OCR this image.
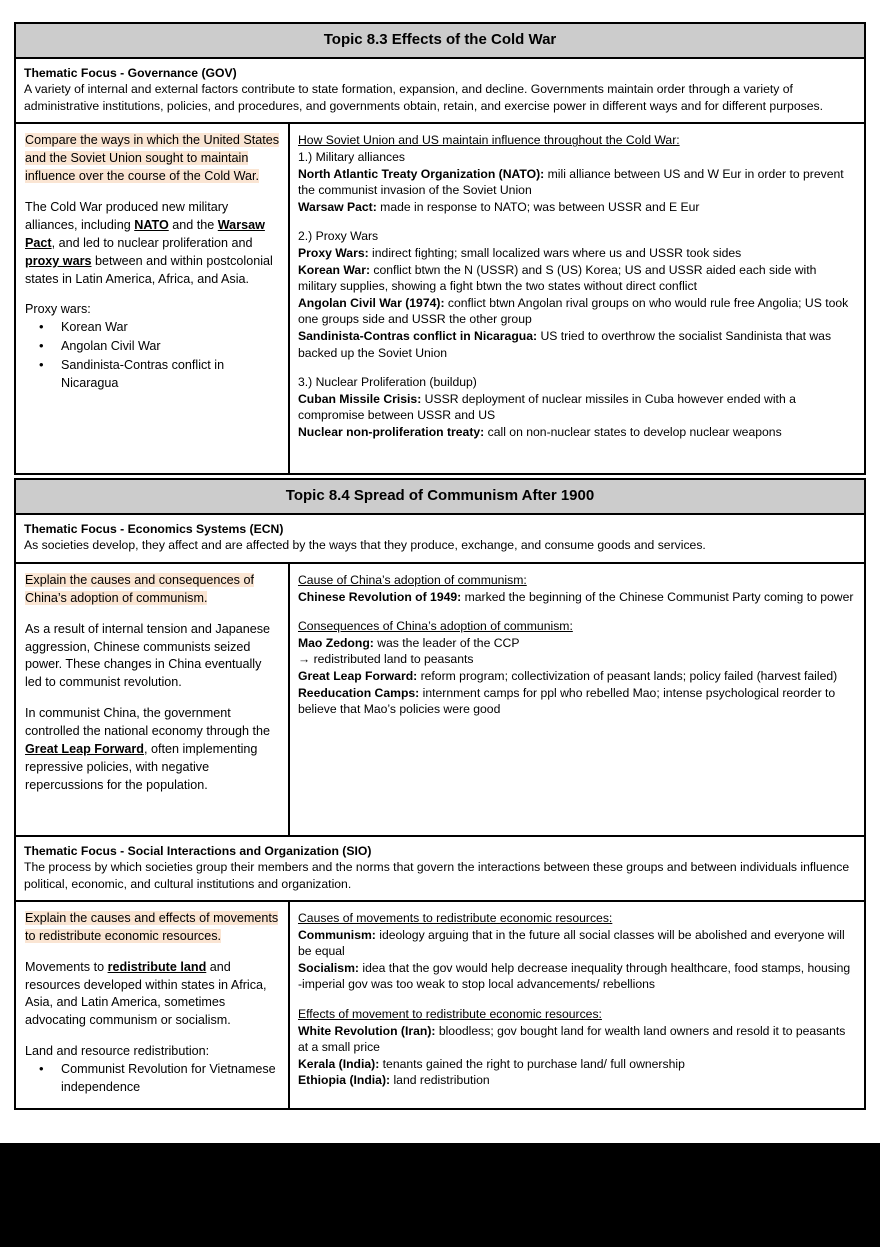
Topic 8.3 Effects of the Cold War
Thematic Focus - Governance (GOV)
A variety of internal and external factors contribute to state formation, expansion, and decline. Governments maintain order through a variety of administrative institutions, policies, and procedures, and governments obtain, retain, and exercise power in different ways and for different purposes.

Compare the ways in which the United States and the Soviet Union sought to maintain influence over the course of the Cold War.

The Cold War produced new military alliances, including NATO and the Warsaw Pact, and led to nuclear proliferation and proxy wars between and within postcolonial states in Latin America, Africa, and Asia.

Proxy wars:

• Korean War
• Angolan Civil War
• Sandinista-Contras conflict in Nicaragua

How Soviet Union and US maintain influence throughout the Cold War:

1.) Military alliances

North Atlantic Treaty Organization (NATO): mili alliance between US and W Eur in order to prevent the communist invasion of the Soviet Union

Warsaw Pact: made in response to NATO; was between USSR and E Eur

2.) Proxy Wars

Proxy Wars: indirect fighting; small localized wars where us and USSR took sides

Korean War: conflict btwn the N (USSR) and S (US) Korea; US and USSR aided each side with military supplies, showing a fight btwn the two states without direct conflict

Angolan Civil War (1974): conflict btwn Angolan rival groups on who would rule free Angolia; US took one groups side and USSR the other group

Sandinista-Contras conflict in Nicaragua: US tried to overthrow the socialist Sandinista that was backed up the Soviet Union

3.) Nuclear Proliferation (buildup)

Cuban Missile Crisis: USSR deployment of nuclear missiles in Cuba however ended with a compromise between USSR and US

Nuclear non-proliferation treaty: call on non-nuclear states to develop nuclear weapons

Topic 8.4 Spread of Communism After 1900
Thematic Focus - Economics Systems (ECN)
As societies develop, they affect and are affected by the ways that they produce, exchange, and consume goods and services.

Explain the causes and consequences of China’s adoption of communism.

As a result of internal tension and Japanese aggression, Chinese communists seized power. These changes in China eventually led to communist revolution.

In communist China, the government controlled the national economy through the Great Leap Forward, often implementing repressive policies, with negative repercussions for the population.

Cause of China’s adoption of communism:

Chinese Revolution of 1949: marked the beginning of the Chinese Communist Party coming to power

Consequences of China’s adoption of communism:

Mao Zedong: was the leader of the CCP

→ redistributed land to peasants

Great Leap Forward: reform program; collectivization of peasant lands; policy failed (harvest failed)

Reeducation Camps: internment camps for ppl who rebelled Mao; intense psychological reorder to believe that Mao’s policies were good

Thematic Focus - Social Interactions and Organization (SIO)
The process by which societies group their members and the norms that govern the interactions between these groups and between individuals influence political, economic, and cultural institutions and organization.

Explain the causes and effects of movements to redistribute economic resources.

Movements to redistribute land and resources developed within states in Africa, Asia, and Latin America, sometimes advocating communism or socialism.

Land and resource redistribution:

• Communist Revolution for Vietnamese independence

Causes of movements to redistribute economic resources:

Communism: ideology arguing that in the future all social classes will be abolished and everyone will be equal

Socialism: idea that the gov would help decrease inequality through healthcare, food stamps, housing

-imperial gov was too weak to stop local advancements/ rebellions

Effects of movement to redistribute economic resources:

White Revolution (Iran): bloodless; gov bought land for wealth land owners and resold it to peasants at a small price

Kerala (India): tenants gained the right to purchase land/ full ownership

Ethiopia (India): land redistribution
